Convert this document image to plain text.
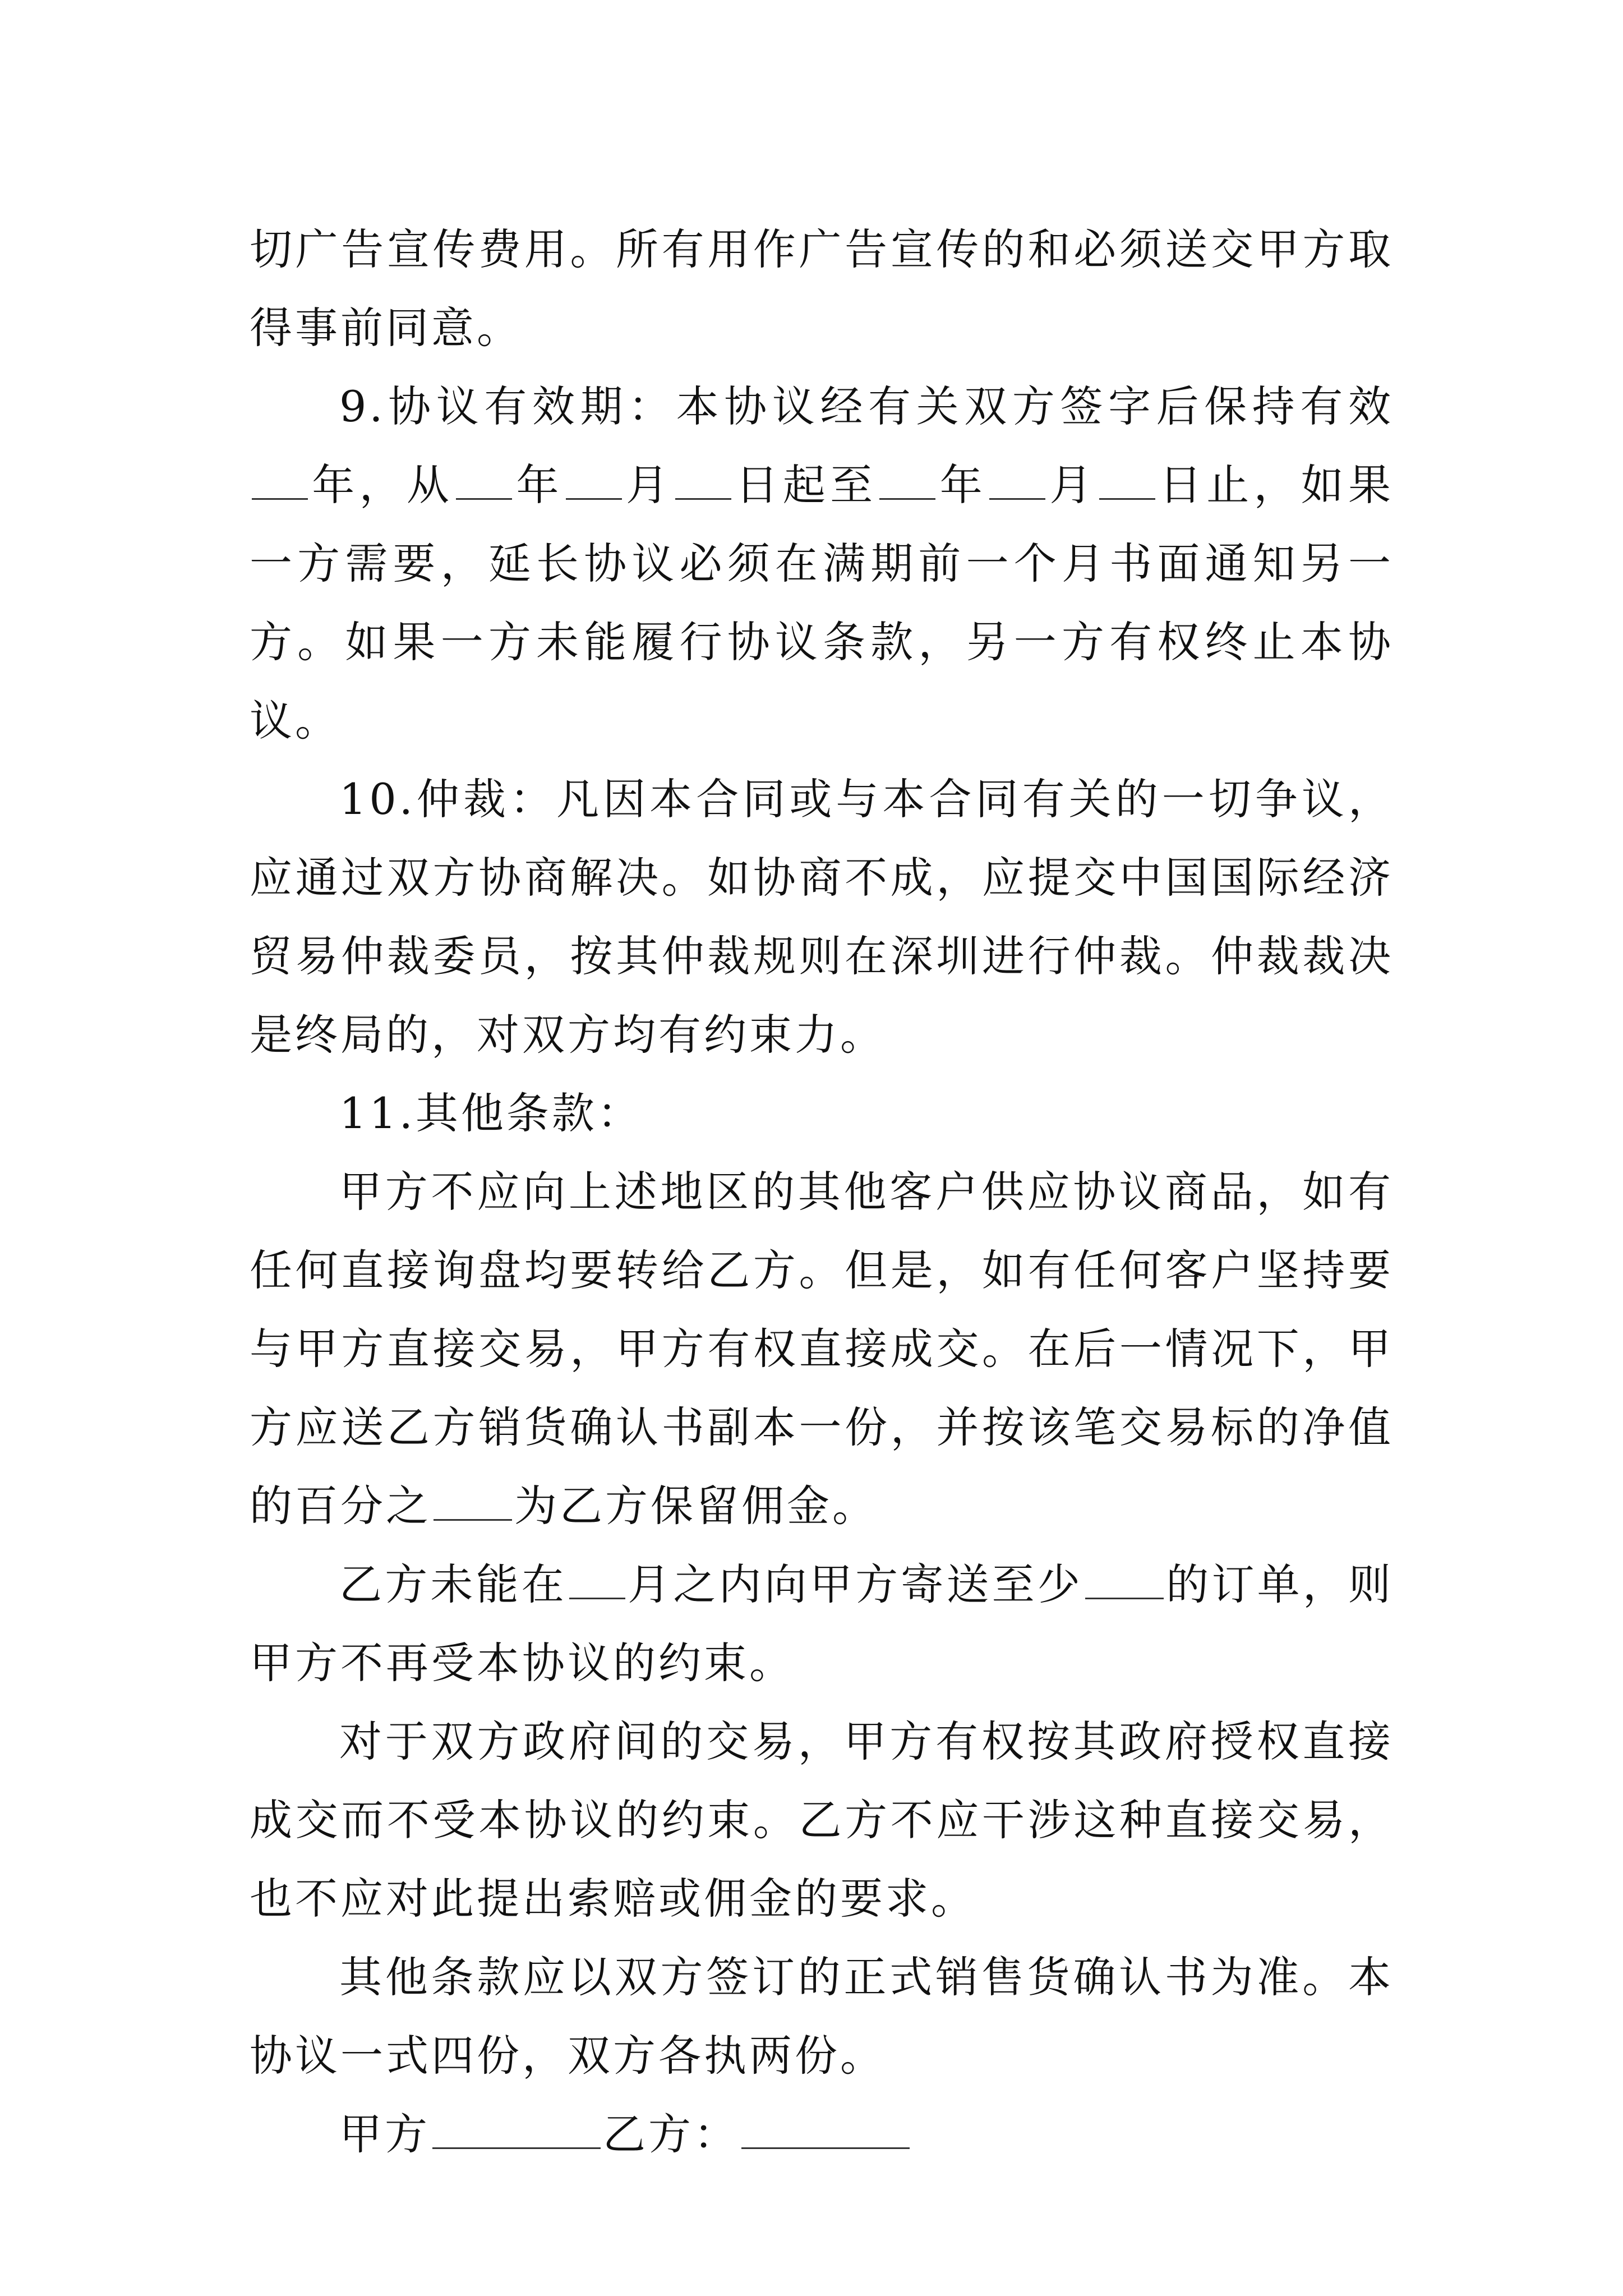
切广告宣传费用。所有用作广告宣传的和必须送交甲方取得事前同意。

9.协议有效期：本协议经有关双方签字后保持有效年，从 年 月 日起至 年 月 日止，如果一方需要，延长协议必须在满期前一个月书面通知另一方。如果一方未能履行协议条款，另一方有权终止本协议。

10.仲裁：凡因本合同或与本合同有关的一切争议，应通过双方协商解决。如协商不成，应提交中国国际经济贸易仲裁委员，按其仲裁规则在深圳进行仲裁。仲裁裁决是终局的，对双方均有约束力。

11.其他条款：

甲方不应向上述地区的其他客户供应协议商品，如有任何直接询盘均要转给乙方。但是，如有任何客户坚持要与甲方直接交易，甲方有权直接成交。在后一情况下，甲方应送乙方销货确认书副本一份，并按该笔交易标的净值的百分之 为乙方保留佣金。

乙方未能在 月之内向甲方寄送至少 的订单，则甲方不再受本协议的约束。

对于双方政府间的交易，甲方有权按其政府授权直接成交而不受本协议的约束。乙方不应干涉这种直接交易，也不应对此提出索赔或佣金的要求。

其他条款应以双方签订的正式销售货确认书为准。本协议一式四份，双方各执两份。

甲方	乙方：
